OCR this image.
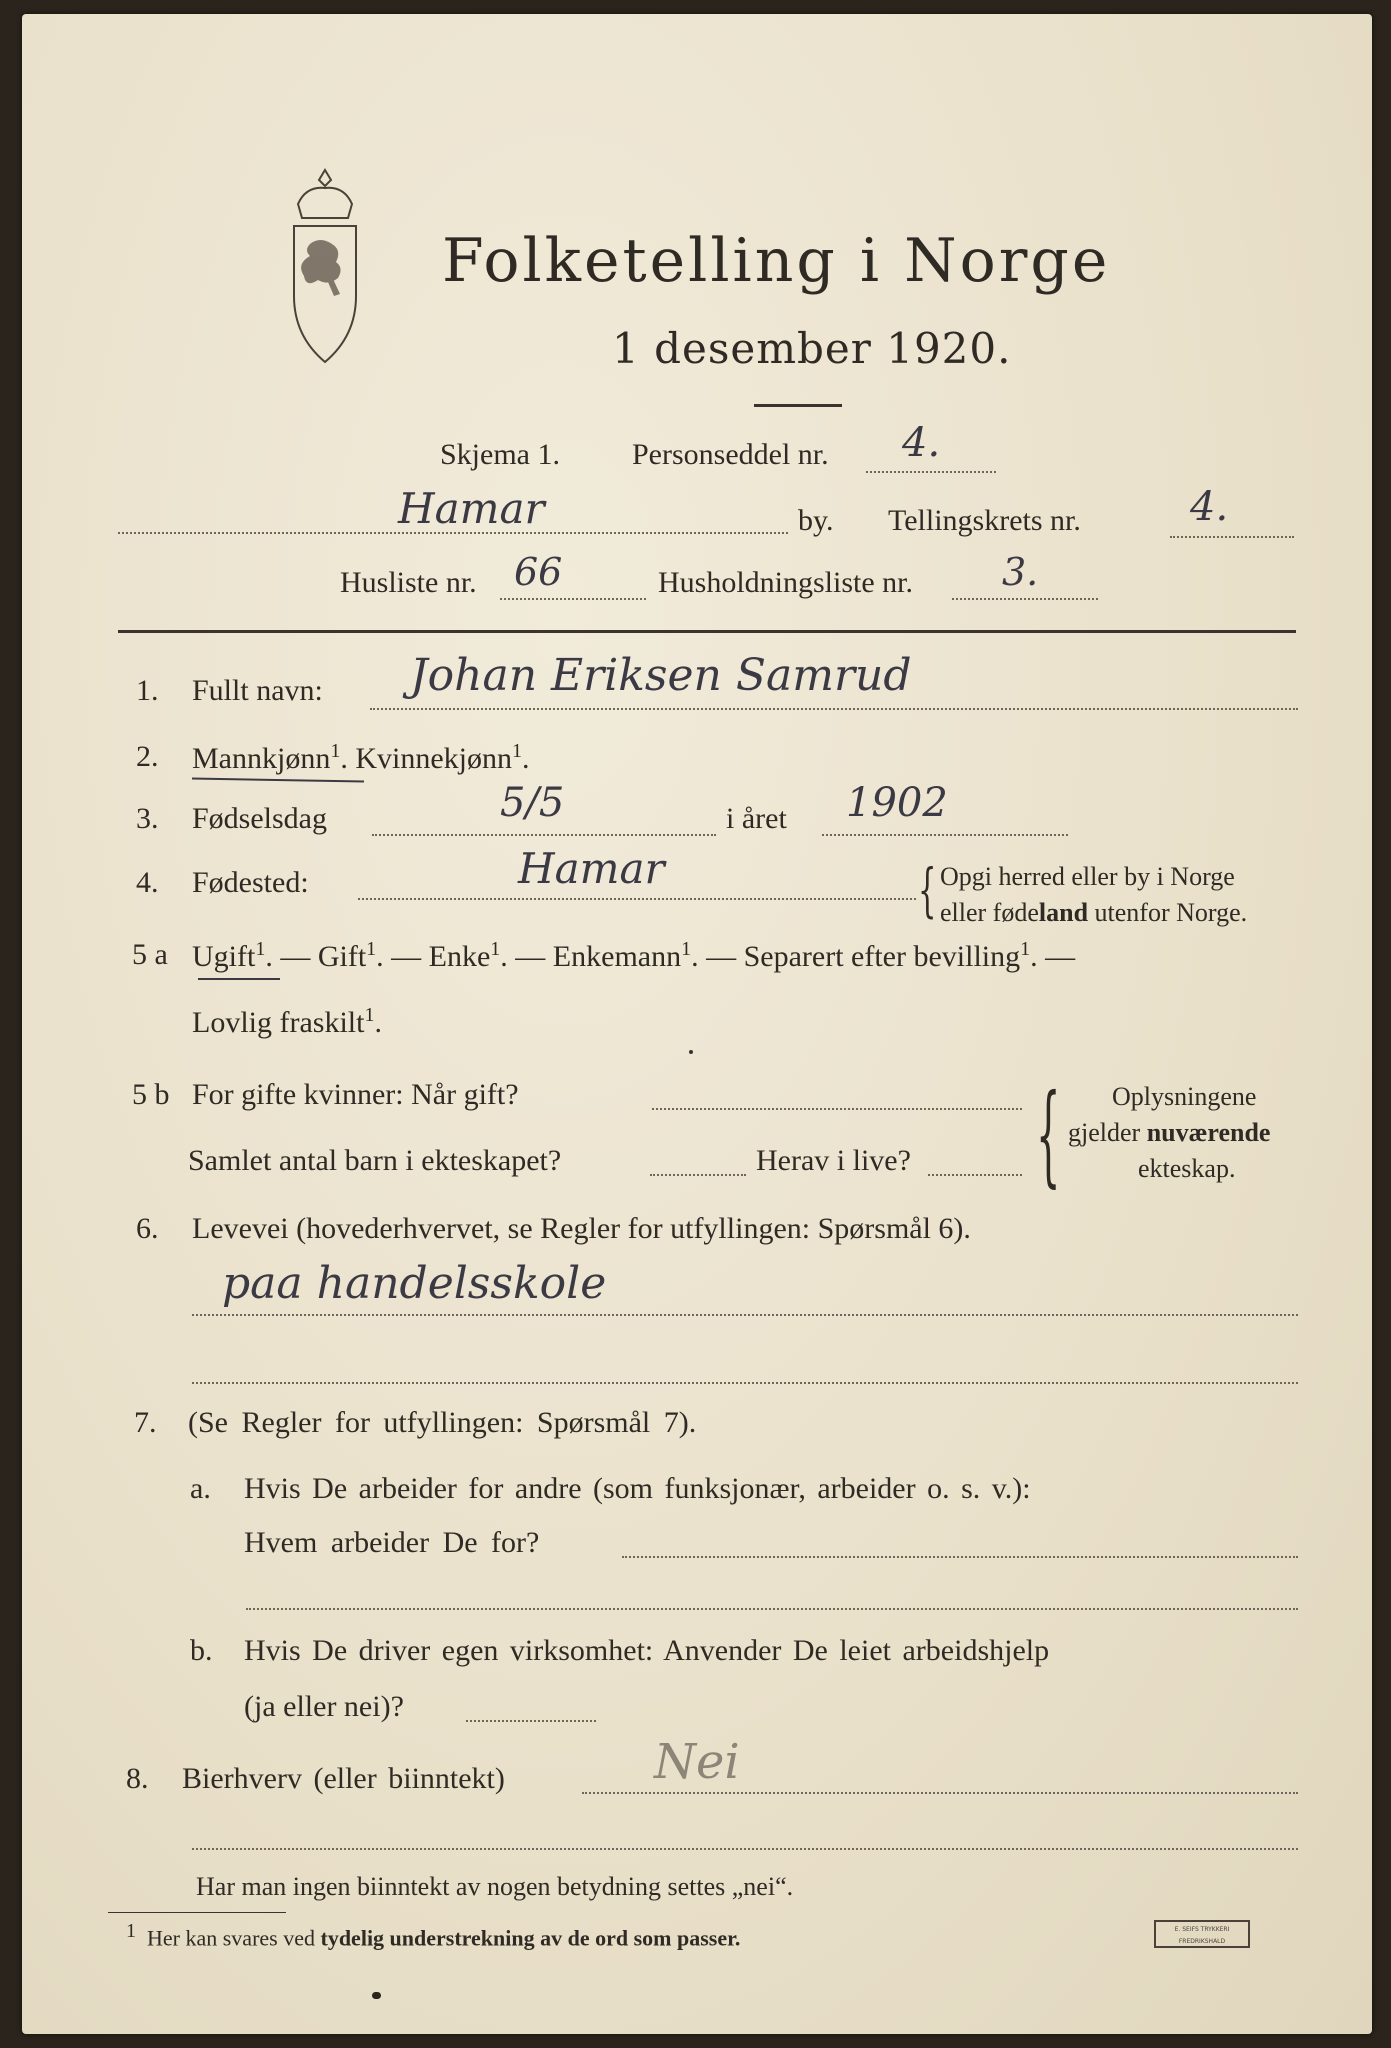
Folketelling i Norge
1 desember 1920.
Skjema 1. Personseddel nr. 4.
Hamar	by. Tellingskrets nr.	4.
Husliste nr. 66	Husholdningsliste nr. 3.
1. Fullt navn: Johan Eriksen Samrud
2. Mannkjønn$^1$. Kvinnekjønn$^1$.
3. Fødselsdag	5/5	i året 1902
4. Fødested:	Hamar	{ Opgi herred eller by i Norge
eller fødeland utenfor Norge.
5 a Ugift$^1$. — Gift$^1$. — Enke$^1$. — Enkemann$^1$. — Separert efter bevilling$^1$. —
Lovlig fraskilt$^1$.
5 b For gifte kvinner: Når gift?
Samlet antal barn i ekteskapet?	Herav i live? { Oplysningene
gjelder nuværende
ekteskap.
6. Levevei (hovederhvervet, se Regler for utfyllingen: Spørsmål 6).
paa handelsskole
7. (Se Regler for utfyllingen: Spørsmål 7).
a. Hvis De arbeider for andre (som funksjonær, arbeider o. s. v.):
Hvem arbeider De for?
b. Hvis De driver egen virksomhet: Anvender De leiet arbeidshjelp
(ja eller nei)?
8. Bierhverv (eller biinntekt)	Nei
Har man ingen biinntekt av nogen betydning settes „nei“.
$^1$ Her kan svares ved tydelig understrekning av de ord som passer.	E. SEIFS TRYKKERI FREDRIKSHALD
